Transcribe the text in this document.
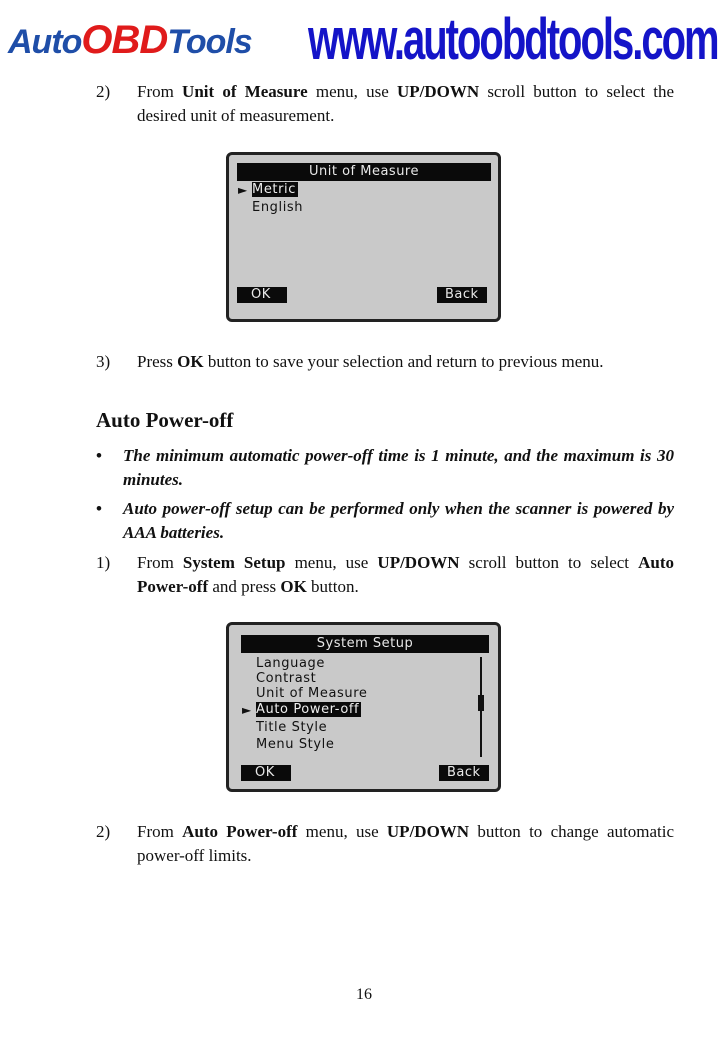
Auto OBD Tools www.autoobdtools.com
2)	From Unit of Measure menu, use UP/DOWN scroll button to select the desired unit of measurement.
Unit of Measure
► Metric
English
OK	Back
3)	Press OK button to save your selection and return to previous menu.
Auto Power-off
•	The minimum automatic power-off time is 1 minute, and the maximum is 30 minutes.
•	Auto power-off setup can be performed only when the scanner is powered by AAA batteries.
1)	From System Setup menu, use UP/DOWN scroll button to select Auto Power-off and press OK button.
System Setup
Language
Contrast
Unit of Measure
► Auto Power-off
Title Style
Menu Style
OK	Back
2)	From Auto Power-off menu, use UP/DOWN button to change automatic power-off limits.
16
